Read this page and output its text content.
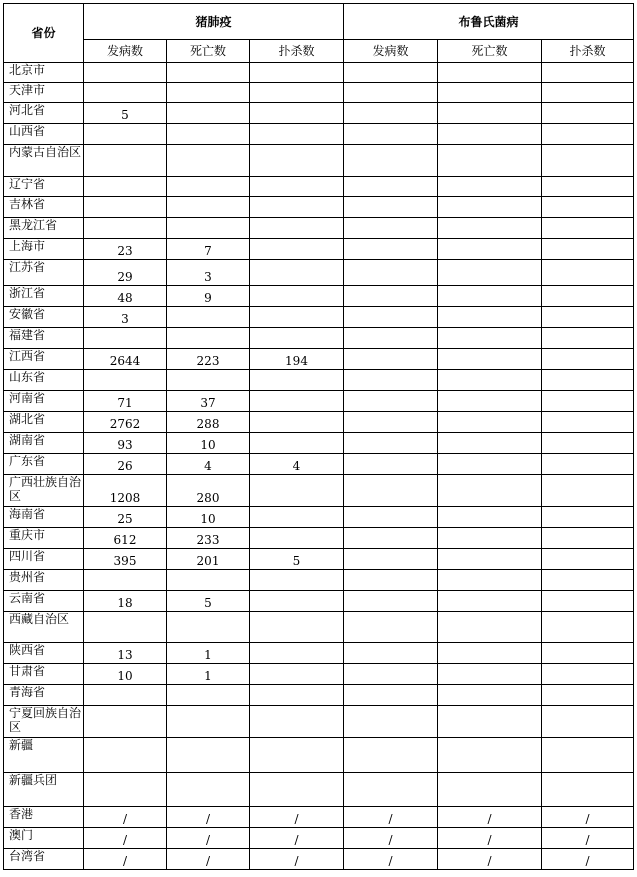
省份	猪肺疫			布鲁氏菌病		
	发病数	死亡数	扑杀数	发病数	死亡数	扑杀数
北京市						
天津市						
河北省	5					
山西省						
内蒙古自治区						
辽宁省						
吉林省						
黑龙江省						
上海市	23	7				
江苏省	29	3				
浙江省	48	9				
安徽省	3					
福建省						
江西省	2644	223	194			
山东省						
河南省	71	37				
湖北省	2762	288				
湖南省	93	10				
广东省	26	4	4			
广西壮族自治区	1208	280				
海南省	25	10				
重庆市	612	233				
四川省	395	201	5			
贵州省						
云南省	18	5				
西藏自治区						
陕西省	13	1				
甘肃省	10	1				
青海省						
宁夏回族自治区						
新疆						
新疆兵团						
香港	/	/	/	/	/	/
澳门	/	/	/	/	/	/
台湾省	/	/	/	/	/	/
